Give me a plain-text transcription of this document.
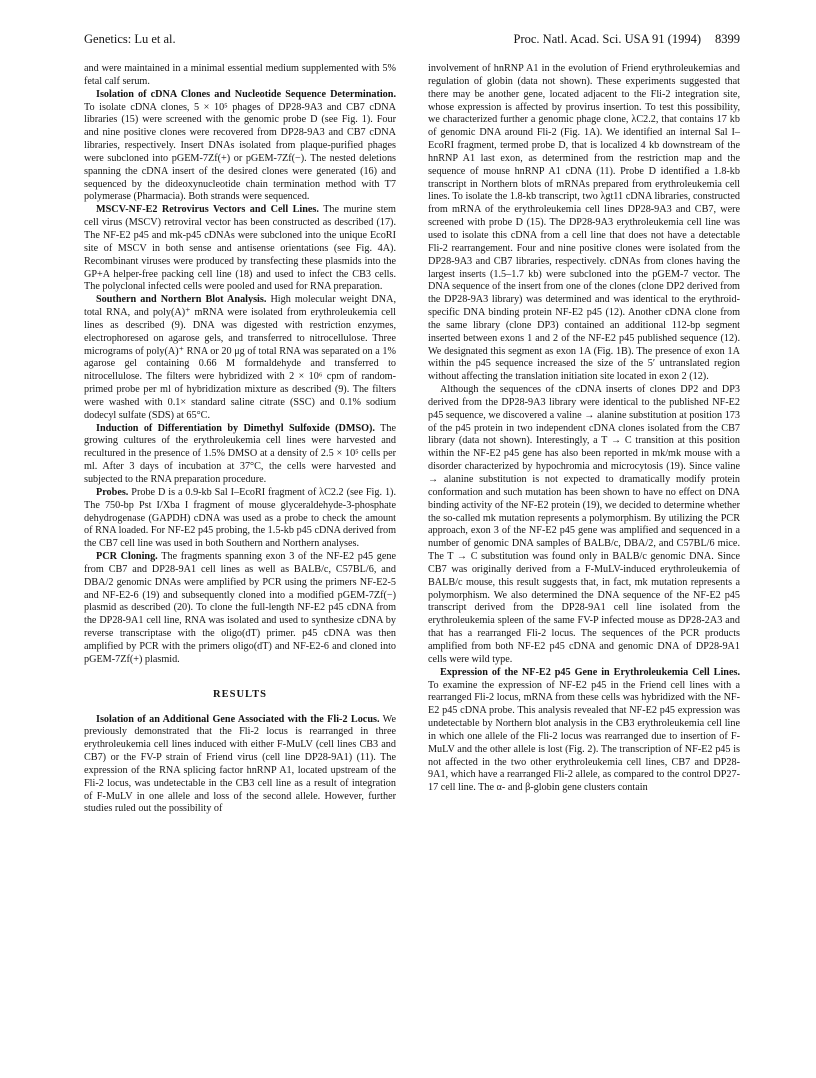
Genetics: Lu et al.	Proc. Natl. Acad. Sci. USA 91 (1994) 8399

and were maintained in a minimal essential medium supplemented with 5% fetal calf serum.

Isolation of cDNA Clones and Nucleotide Sequence Determination. To isolate cDNA clones, 5 × 10⁵ phages of DP28-9A3 and CB7 cDNA libraries (15) were screened with the genomic probe D (see Fig. 1). Four and nine positive clones were recovered from DP28-9A3 and CB7 cDNA libraries, respectively. Insert DNAs isolated from plaque-purified phages were subcloned into pGEM-7Zf(+) or pGEM-7Zf(−). The nested deletions spanning the cDNA insert of the desired clones were generated (16) and sequenced by the dideoxynucleotide chain termination method with T7 polymerase (Pharmacia). Both strands were sequenced.

MSCV-NF-E2 Retrovirus Vectors and Cell Lines. The murine stem cell virus (MSCV) retroviral vector has been constructed as described (17). The NF-E2 p45 and mk-p45 cDNAs were subcloned into the unique EcoRI site of MSCV in both sense and antisense orientations (see Fig. 4A). Recombinant viruses were produced by transfecting these plasmids into the GP+A helper-free packing cell line (18) and used to infect the CB3 cells. The polyclonal infected cells were pooled and used for RNA preparation.

Southern and Northern Blot Analysis. High molecular weight DNA, total RNA, and poly(A)⁺ mRNA were isolated from erythroleukemia cell lines as described (9). DNA was digested with restriction enzymes, electrophoresed on agarose gels, and transferred to nitrocellulose. Three micrograms of poly(A)⁺ RNA or 20 μg of total RNA was separated on a 1% agarose gel containing 0.66 M formaldehyde and transferred to nitrocellulose. The filters were hybridized with 2 × 10⁶ cpm of random-primed probe per ml of hybridization mixture as described (9). The filters were washed with 0.1× standard saline citrate (SSC) and 0.1% sodium dodecyl sulfate (SDS) at 65°C.

Induction of Differentiation by Dimethyl Sulfoxide (DMSO). The growing cultures of the erythroleukemia cell lines were harvested and recultured in the presence of 1.5% DMSO at a density of 2.5 × 10⁵ cells per ml. After 3 days of incubation at 37°C, the cells were harvested and subjected to the RNA preparation procedure.

Probes. Probe D is a 0.9-kb Sal I–EcoRI fragment of λC2.2 (see Fig. 1). The 750-bp Pst I/Xba I fragment of mouse glyceraldehyde-3-phosphate dehydrogenase (GAPDH) cDNA was used as a probe to check the amount of RNA loaded. For NF-E2 p45 probing, the 1.5-kb p45 cDNA derived from the CB7 cell line was used in both Southern and Northern analyses.

PCR Cloning. The fragments spanning exon 3 of the NF-E2 p45 gene from CB7 and DP28-9A1 cell lines as well as BALB/c, C57BL/6, and DBA/2 genomic DNAs were amplified by PCR using the primers NF-E2-5 and NF-E2-6 (19) and subsequently cloned into a modified pGEM-7Zf(−) plasmid as described (20). To clone the full-length NF-E2 p45 cDNA from the DP28-9A1 cell line, RNA was isolated and used to synthesize cDNA by reverse transcriptase with the oligo(dT) primer. p45 cDNA was then amplified by PCR with the primers oligo(dT) and NF-E2-6 and cloned into pGEM-7Zf(+) plasmid.

RESULTS

Isolation of an Additional Gene Associated with the Fli-2 Locus. We previously demonstrated that the Fli-2 locus is rearranged in three erythroleukemia cell lines induced with either F-MuLV (cell lines CB3 and CB7) or the FV-P strain of Friend virus (cell line DP28-9A1) (11). The expression of the RNA splicing factor hnRNP A1, located upstream of the Fli-2 locus, was undetectable in the CB3 cell line as a result of integration of F-MuLV in one allele and loss of the second allele. However, further studies ruled out the possibility of

involvement of hnRNP A1 in the evolution of Friend erythroleukemias and regulation of globin (data not shown). These experiments suggested that there may be another gene, located adjacent to the Fli-2 integration site, whose expression is affected by provirus insertion. To test this possibility, we characterized further a genomic phage clone, λC2.2, that contains 17 kb of genomic DNA around Fli-2 (Fig. 1A). We identified an internal Sal I–EcoRI fragment, termed probe D, that is localized 4 kb downstream of the hnRNP A1 last exon, as determined from the restriction map and the sequence of mouse hnRNP A1 cDNA (11). Probe D identified a 1.8-kb transcript in Northern blots of mRNAs prepared from erythroleukemia cell lines. To isolate the 1.8-kb transcript, two λgt11 cDNA libraries, constructed from mRNA of the erythroleukemia cell lines DP28-9A3 and CB7, were screened with probe D (15). The DP28-9A3 erythroleukemia cell line was used to isolate this cDNA from a cell line that does not have a detectable Fli-2 rearrangement. Four and nine positive clones were isolated from the DP28-9A3 and CB7 libraries, respectively. cDNAs from clones having the largest inserts (1.5–1.7 kb) were subcloned into the pGEM-7 vector. The DNA sequence of the insert from one of the clones (clone DP2 derived from the DP28-9A3 library) was determined and was identical to the erythroid-specific DNA binding protein NF-E2 p45 (12). Another cDNA clone from the same library (clone DP3) contained an additional 112-bp segment inserted between exons 1 and 2 of the NF-E2 p45 published sequence (12). We designated this segment as exon 1A (Fig. 1B). The presence of exon 1A within the p45 sequence increased the size of the 5′ untranslated region without affecting the translation initiation site located in exon 2 (12).

Although the sequences of the cDNA inserts of clones DP2 and DP3 derived from the DP28-9A3 library were identical to the published NF-E2 p45 sequence, we discovered a valine → alanine substitution at position 173 of the p45 protein in two independent cDNA clones isolated from the CB7 library (data not shown). Interestingly, a T → C transition at this position within the NF-E2 p45 gene has also been reported in mk/mk mouse with a disorder characterized by hypochromia and microcytosis (19). Since valine → alanine substitution is not expected to dramatically modify protein conformation and such mutation has been shown to have no effect on DNA binding activity of the NF-E2 protein (19), we decided to determine whether the so-called mk mutation represents a polymorphism. By utilizing the PCR approach, exon 3 of the NF-E2 p45 gene was amplified and sequenced in a number of genomic DNA samples of BALB/c, DBA/2, and C57BL/6 mice. The T → C substitution was found only in BALB/c genomic DNA. Since CB7 was originally derived from a F-MuLV-induced erythroleukemia of BALB/c mouse, this result suggests that, in fact, mk mutation represents a polymorphism. We also determined the DNA sequence of the NF-E2 p45 transcript derived from the DP28-9A1 cell line isolated from the erythroleukemia spleen of the same FV-P infected mouse as DP28-2A3 and that has a rearranged Fli-2 locus. The sequences of the PCR products amplified from both NF-E2 p45 cDNA and genomic DNA of DP28-9A1 cells were wild type.

Expression of the NF-E2 p45 Gene in Erythroleukemia Cell Lines. To examine the expression of NF-E2 p45 in the Friend cell lines with a rearranged Fli-2 locus, mRNA from these cells was hybridized with the NF-E2 p45 cDNA probe. This analysis revealed that NF-E2 p45 expression was undetectable by Northern blot analysis in the CB3 erythroleukemia cell line in which one allele of the Fli-2 locus was rearranged due to insertion of F-MuLV and the other allele is lost (Fig. 2). The transcription of NF-E2 p45 is not affected in the two other erythroleukemia cell lines, CB7 and DP28-9A1, which have a rearranged Fli-2 allele, as compared to the control DP27-17 cell line. The α- and β-globin gene clusters contain
